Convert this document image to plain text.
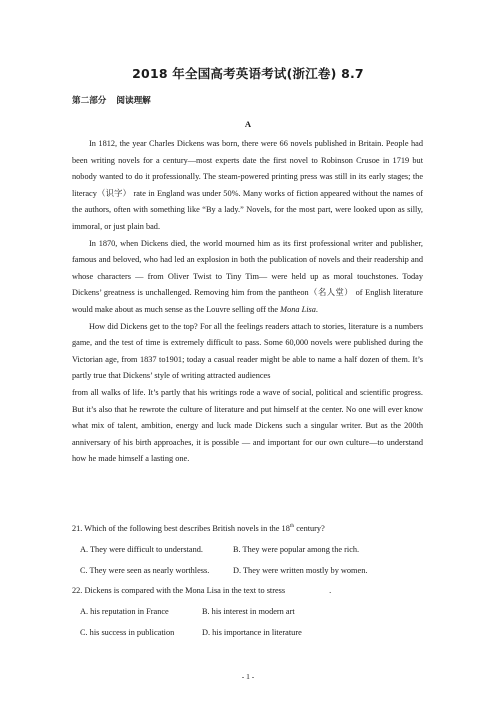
2018 年全国高考英语考试(浙江卷) 8.7
第二部分 阅读理解
A

In 1812, the year Charles Dickens was born, there were 66 novels published in Britain. People had been writing novels for a century—most experts date the first novel to Robinson Crusoe in 1719 but nobody wanted to do it professionally. The steam-powered printing press was still in its early stages; the literacy（识字） rate in England was under 50%. Many works of fiction appeared without the names of the authors, often with something like “By a lady.” Novels, for the most part, were looked upon as silly, immoral, or just plain bad.

In 1870, when Dickens died, the world mourned him as its first professional writer and publisher, famous and beloved, who had led an explosion in both the publication of novels and their readership and whose characters — from Oliver Twist to Tiny Tim— were held up as moral touchstones. Today Dickens’ greatness is unchallenged. Removing him from the pantheon（名人堂） of English literature would make about as much sense as the Louvre selling off the Mona Lisa.

How did Dickens get to the top? For all the feelings readers attach to stories, literature is a numbers game, and the test of time is extremely difficult to pass. Some 60,000 novels were published during the Victorian age, from 1837 to1901; today a casual reader might be able to name a half dozen of them. It’s partly true that Dickens’ style of writing attracted audiences

from all walks of life. It’s partly that his writings rode a wave of social, political and scientific progress. But it’s also that he rewrote the culture of literature and put himself at the center. No one will ever know what mix of talent, ambition, energy and luck made Dickens such a singular writer. But as the 200th anniversary of his birth approaches, it is possible — and important for our own culture—to understand how he made himself a lasting one.

21. Which of the following best describes British novels in the 18th century?
A. They were difficult to understand.	B. They were popular among the rich.
C. They were seen as nearly worthless.	D. They were written mostly by women.
22. Dickens is compared with the Mona Lisa in the text to stress	.
A. his reputation in France	B. his interest in modern art
C. his success in publication	D. his importance in literature
- 1 -
